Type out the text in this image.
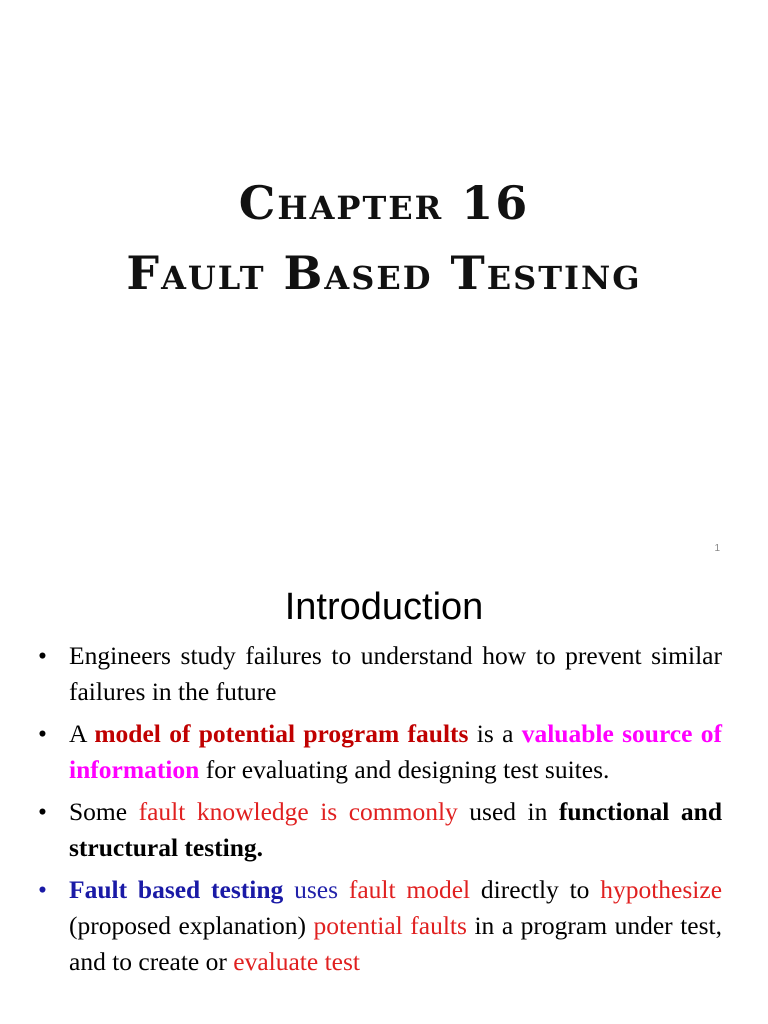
Chapter 16
Fault Based Testing
1
Introduction
• Engineers study failures to understand how to prevent similar failures in the future
• A model of potential program faults is a valuable source of information for evaluating and designing test suites.
• Some fault knowledge is commonly used in functional and structural testing.
• Fault based testing uses fault model directly to hypothesize (proposed explanation) potential faults in a program under test, and to create or evaluate test
